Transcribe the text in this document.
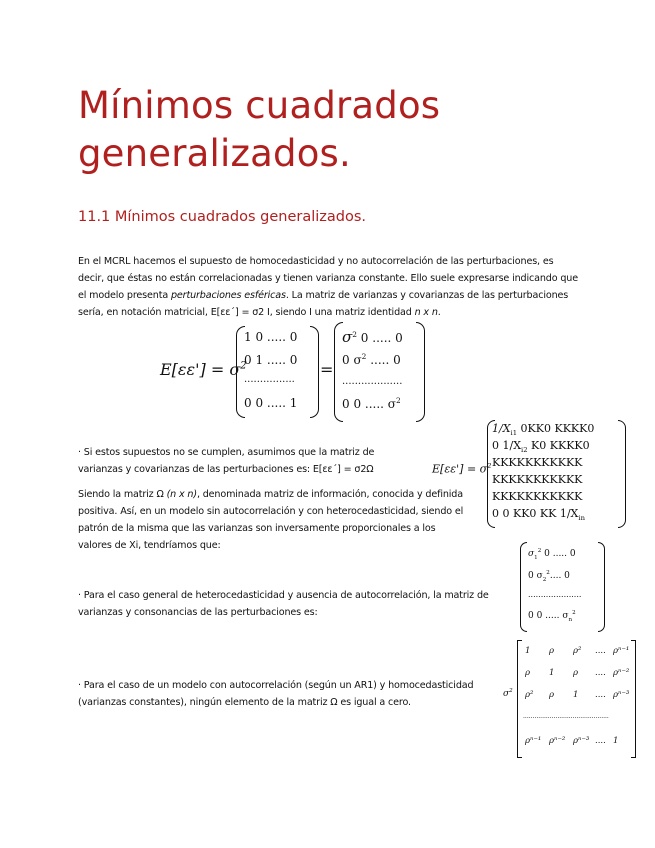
Mínimos cuadrados
generalizados.
11.1 Mínimos cuadrados generalizados.

En el MCRL hacemos el supuesto de homocedasticidad y no autocorrelación de las perturbaciones, es decir, que éstas no están correlacionadas y tienen varianza constante. Ello suele expresarse indicando que el modelo presenta perturbaciones esféricas. La matriz de varianzas y covarianzas de las perturbaciones sería, en notación matricial, E[εε´] = σ2 I, siendo I una matriz identidad n x n.

$E[\varepsilon\varepsilon'] = \sigma^2$
1 0 ..... 0
0 1 ..... 0
................
0 0 ..... 1
=
$\sigma^2$ 0 ..... 0
0 $\sigma^2$ ..... 0
...................
0 0 ..... $\sigma^2$

· Si estos supuestos no se cumplen, asumimos que la matriz de varianzas y covarianzas de las perturbaciones es: E[εε´] = σ2Ω

Siendo la matriz Ω (n x n), denominada matriz de información, conocida y definida positiva. Así, en un modelo sin autocorrelación y con heterocedasticidad, siendo el patrón de la misma que las varianzas son inversamente proporcionales a los valores de Xi, tendríamos que:

$E[\varepsilon\varepsilon'] = \sigma^2$
$1/X_{i1}$ 0KK0 KKKK0
0 $1/X_{i2}$ K0 KKKK0
KKKKKKKKKKK
KKKKKKKKKKK
KKKKKKKKKKK
0 0 KK0 KK $1/X_{in}$
$\sigma_1^2$ 0 ..... 0
0 $\sigma_2^2$.... 0
.....................
0 0 ..... $\sigma_n^2$

· Para el caso general de heterocedasticidad y ausencia de autocorrelación, la matriz de varianzas y consonancias de las perturbaciones es:

$\sigma^2$
1 ρ ρ² .... ρⁿ⁻¹
ρ 1 ρ .... ρⁿ⁻²
ρ² ρ 1 .... ρⁿ⁻³
ρⁿ⁻¹ ρⁿ⁻² ρⁿ⁻³ .... 1
.............................................

· Para el caso de un modelo con autocorrelación (según un AR1) y homocedasticidad (varianzas constantes), ningún elemento de la matriz Ω es igual a cero.
